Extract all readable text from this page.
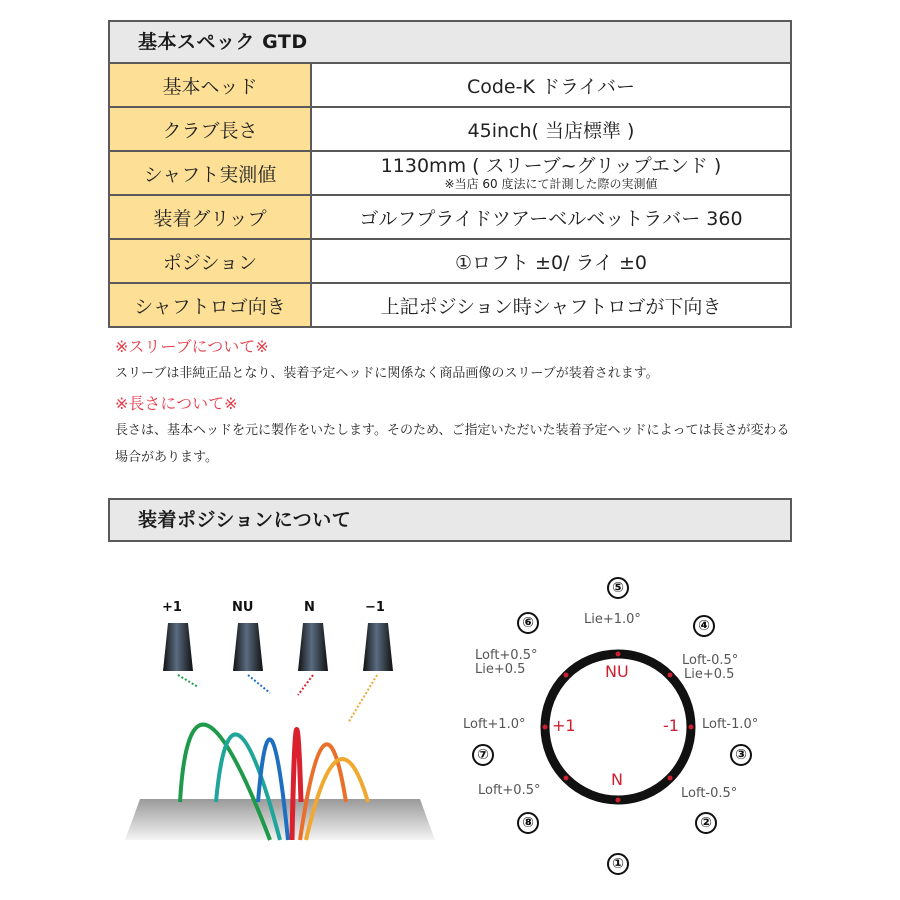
基本スペック GTD
基本ヘッド	Code-K ドライバー
クラブ長さ	45inch( 当店標準 )
シャフト実測値	1130mm ( スリーブ~グリップエンド )
※当店 60 度法にて計測した際の実測値

装着グリップ	ゴルフプライドツアーベルベットラバー 360
ポジション	①ロフト ±0/ ライ ±0
シャフトロゴ向き	上記ポジション時シャフトロゴが下向き
※スリーブについて※
スリーブは非純正品となり、装着予定ヘッドに関係なく商品画像のスリーブが装着されます。
※長さについて※
長さは、基本ヘッドを元に製作をいたします。そのため、ご指定いただいた装着予定ヘッドによっては長さが変わる場合があります。
装着ポジションについて
+1	NU	N	−1
NU
N
+1	-1
①
②
③
④
⑤
⑥
⑦
⑧
Loft-0.5°
Loft-1.0°
Loft-0.5°
Lie+0.5
Lie+1.0°
Loft+0.5°
Lie+0.5
Loft+1.0°
Loft+0.5°
